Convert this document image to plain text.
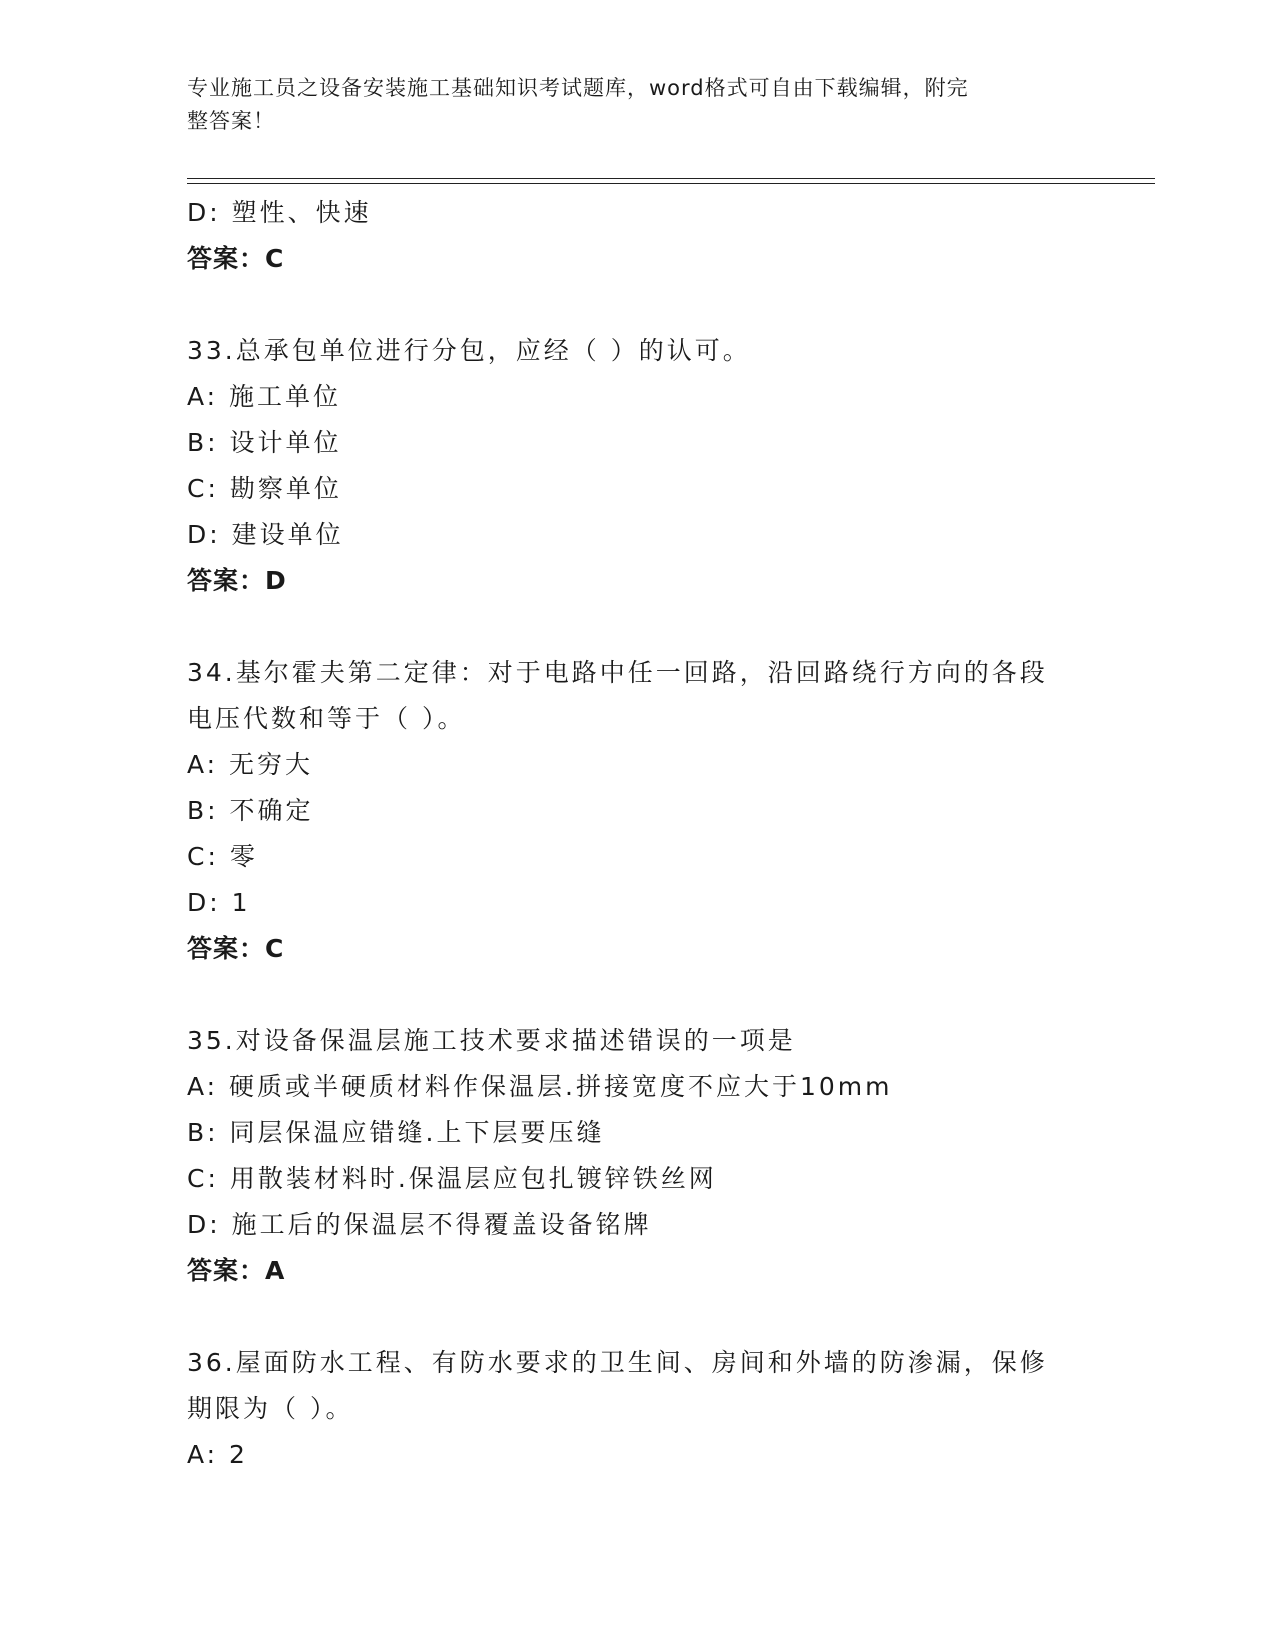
专业施工员之设备安装施工基础知识考试题库，word格式可自由下载编辑，附完
整答案！
D: 塑性、快速
答案：C
33.总承包单位进行分包，应经（ ）的认可。
A: 施工单位
B: 设计单位
C: 勘察单位
D: 建设单位
答案：D
34.基尔霍夫第二定律：对于电路中任一回路，沿回路绕行方向的各段
电压代数和等于（ ）。
A: 无穷大
B: 不确定
C: 零
D: 1
答案：C
35.对设备保温层施工技术要求描述错误的一项是
A: 硬质或半硬质材料作保温层.拼接宽度不应大于10mm
B: 同层保温应错缝.上下层要压缝
C: 用散装材料时.保温层应包扎镀锌铁丝网
D: 施工后的保温层不得覆盖设备铭牌
答案：A
36.屋面防水工程、有防水要求的卫生间、房间和外墙的防渗漏，保修
期限为（ ）。
A: 2
